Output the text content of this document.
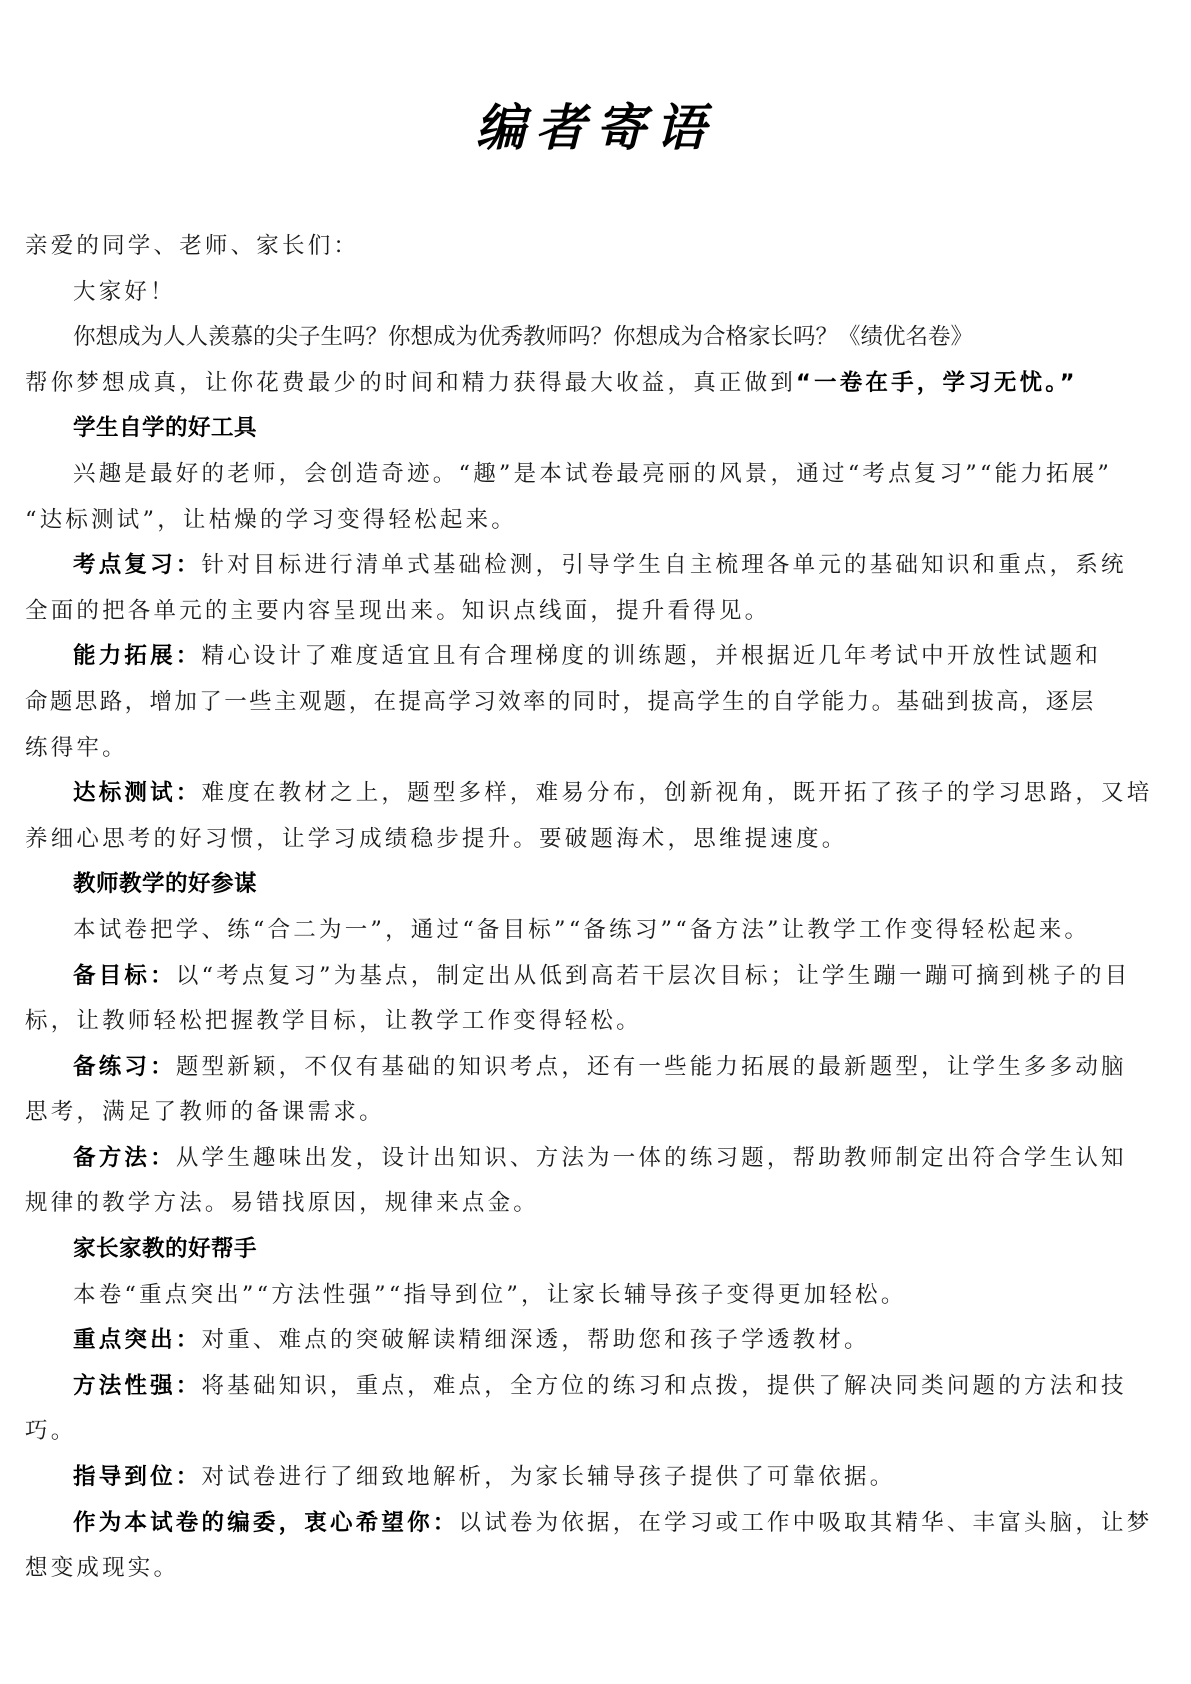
编者寄语
亲爱的同学、老师、家长们：
大家好！
你想成为人人羡慕的尖子生吗？你想成为优秀教师吗？你想成为合格家长吗？《绩优名卷》
帮你梦想成真，让你花费最少的时间和精力获得最大收益，真正做到 “一卷在手，学习无忧。”
学生自学的好工具
兴趣是最好的老师，会创造奇迹。“趣”是本试卷最亮丽的风景，通过“考点复习”“能力拓展”
“达标测试”，让枯燥的学习变得轻松起来。
考点复习： 针对目标进行清单式基础检测，引导学生自主梳理各单元的基础知识和重点，系统
全面的把各单元的主要内容呈现出来。知识点线面，提升看得见。
能力拓展： 精心设计了难度适宜且有合理梯度的训练题，并根据近几年考试中开放性试题和
命题思路，增加了一些主观题，在提高学习效率的同时，提高学生的自学能力。基础到拔高，逐层
练得牢。
达标测试： 难度在教材之上，题型多样，难易分布，创新视角，既开拓了孩子的学习思路，又培
养细心思考的好习惯，让学习成绩稳步提升。要破题海术，思维提速度。
教师教学的好参谋
本试卷把学、练“合二为一”，通过“备目标”“备练习”“备方法”让教学工作变得轻松起来。
备目标： 以“考点复习”为基点，制定出从低到高若干层次目标；让学生蹦一蹦可摘到桃子的目
标，让教师轻松把握教学目标，让教学工作变得轻松。
备练习： 题型新颖，不仅有基础的知识考点，还有一些能力拓展的最新题型，让学生多多动脑
思考，满足了教师的备课需求。
备方法： 从学生趣味出发，设计出知识、方法为一体的练习题，帮助教师制定出符合学生认知
规律的教学方法。易错找原因，规律来点金。
家长家教的好帮手
本卷“重点突出”“方法性强”“指导到位”，让家长辅导孩子变得更加轻松。
重点突出： 对重、难点的突破解读精细深透，帮助您和孩子学透教材。
方法性强： 将基础知识，重点，难点，全方位的练习和点拨，提供了解决同类问题的方法和技
巧。
指导到位： 对试卷进行了细致地解析，为家长辅导孩子提供了可靠依据。
作为本试卷的编委，衷心希望你： 以试卷为依据，在学习或工作中吸取其精华、丰富头脑，让梦
想变成现实。
